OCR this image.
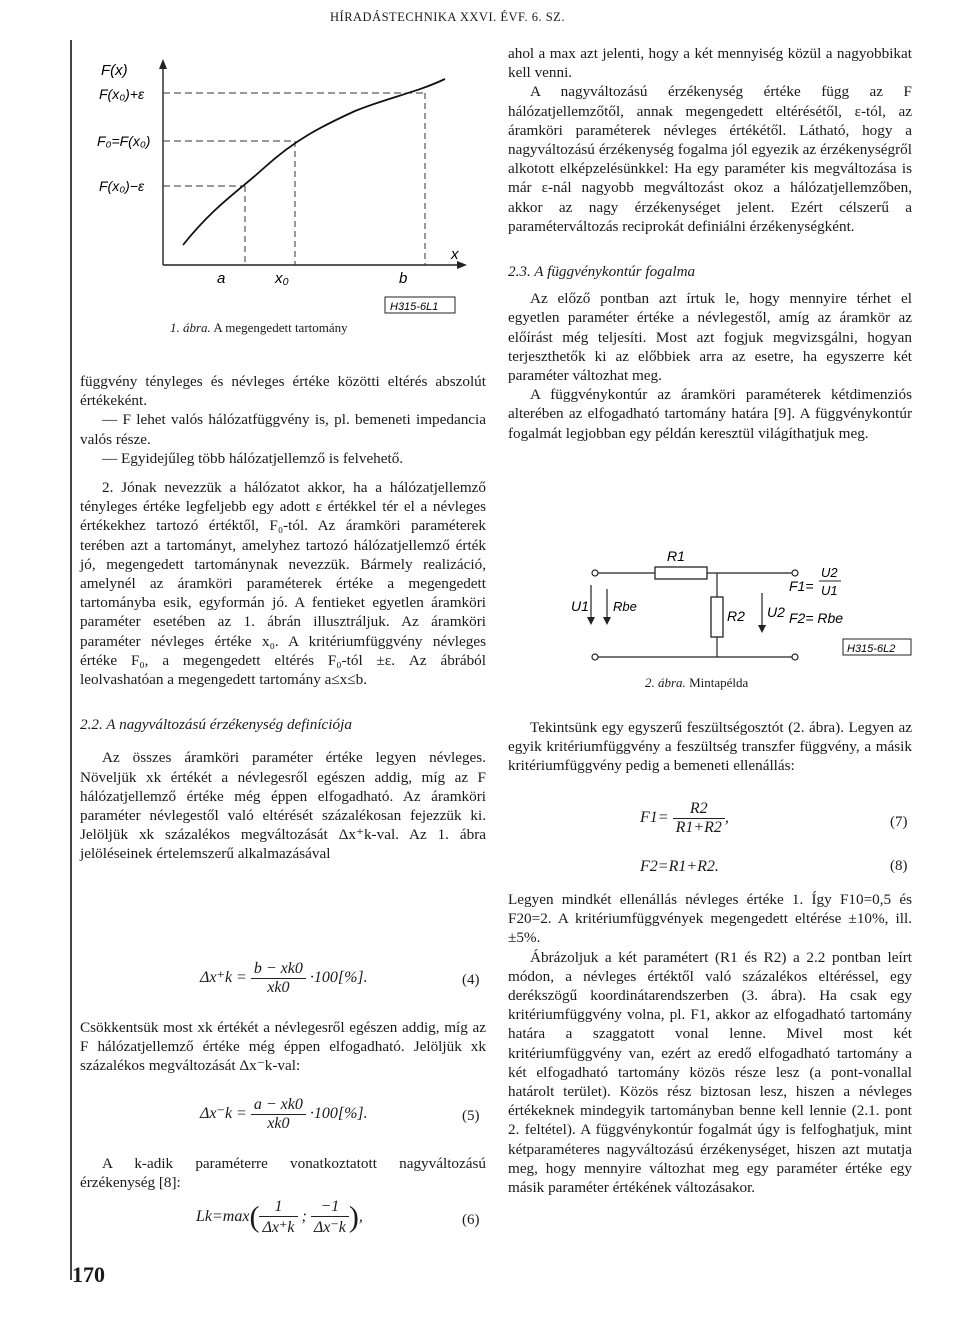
HÍRADÁSTECHNIKA XXVI. ÉVF. 6. SZ.
F(x)
F(x₀)+ε
F₀=F(x₀)
F(x₀)−ε
a	x₀	b
x
H315-6L1
1. ábra. A megengedett tartomány

függvény tényleges és névleges értéke közötti eltérés abszolút értékeként.

— F lehet valós hálózatfüggvény is, pl. bemeneti impedancia valós része.

— Egyidejűleg több hálózatjellemző is felvehető.

2. Jónak nevezzük a hálózatot akkor, ha a hálózatjellemző tényleges értéke legfeljebb egy adott ε értékkel tér el a névleges értékekhez tartozó értéktől, F₀-tól. Az áramköri paraméterek terében azt a tartományt, amelyhez tartozó hálózatjellemző érték jó, megengedett tartománynak nevezzük. Bármely realizáció, amelynél az áramköri paraméterek értéke a megengedett tartományba esik, egyformán jó. A fentieket egyetlen áramköri paraméter esetében az 1. ábrán illusztráljuk. Az áramköri paraméter névleges értéke x₀. A kritériumfüggvény névleges értéke F₀, a megengedett eltérés F₀-tól ±ε. Az ábrából leolvashatóan a megengedett tartomány a≤x≤b.

2.2. A nagyváltozású érzékenység definíciója

Az összes áramköri paraméter értéke legyen névleges. Növeljük xk értékét a névlegesről egészen addig, míg az F hálózatjellemző értéke még éppen elfogadható. Az áramköri paraméter névlegestől való eltérését százalékosan fejezzük ki. Jelöljük xk százalékos megváltozását Δx⁺k-val. Az 1. ábra jelöléseinek értelemszerű alkalmazásával

$\Delta x^+k = \frac{b - xk0}{xk0} \cdot 100[\%]$.	(4)

Csökkentsük most xk értékét a névlegesről egészen addig, míg az F hálózatjellemző értéke még éppen elfogadható. Jelöljük xk százalékos megváltozását Δx⁻k-val:

$\Delta x^-k = \frac{a - xk0}{xk0} \cdot 100[\%]$.	(5)

A k-adik paraméterre vonatkoztatott nagyváltozású érzékenység [8]:

$Lk=\max( \frac{1}{\Delta x^+k}$ ; $\frac{-1}{\Delta x^-k}$ ),	(6)
170

ahol a max azt jelenti, hogy a két mennyiség közül a nagyobbikat kell venni.

A nagyváltozású érzékenység értéke függ az F hálózatjellemzőtől, annak megengedett eltérésétől, ε-tól, az áramköri paraméterek névleges értékétől. Látható, hogy a nagyváltozású érzékenység fogalma jól egyezik az érzékenységről alkotott elképzelésünkkel: Ha egy paraméter kis megváltozása is már ε-nál nagyobb megváltozást okoz a hálózatjellemzőben, akkor az nagy érzékenységet jelent. Ezért célszerű a paraméterváltozás reciprokát definiálni érzékenységként.

2.3. A függvénykontúr fogalma

Az előző pontban azt írtuk le, hogy mennyire térhet el egyetlen paraméter értéke a névlegestől, amíg az áramkör az előírást még teljesíti. Most azt fogjuk megvizsgálni, hogyan terjeszthetők ki az előbbiek arra az esetre, ha egyszerre két paraméter változhat meg.

A függvénykontúr az áramköri paraméterek kétdimenziós alterében az elfogadható tartomány határa [9]. A függvénykontúr fogalmát legjobban egy példán keresztül világíthatjuk meg.

R1
U1 Rbe
R2 U2
F1=
U2
U1
F2= Rbe
H315-6L2
2. ábra. Mintapélda

Tekintsünk egy egyszerű feszültségosztót (2. ábra). Legyen az egyik kritériumfüggvény a feszültség transzfer függvény, a másik kritériumfüggvény pedig a bemeneti ellenállás:

$F1= \frac{R2}{R1+R2}$ ,	(7)
F2=R1+R2.	(8)

Legyen mindkét ellenállás névleges értéke 1. Így F10=0,5 és F20=2. A kritériumfüggvények megengedett eltérése ±10%, ill. ±5%.

Ábrázoljuk a két paramétert (R1 és R2) a 2.2 pontban leírt módon, a névleges értéktől való százalékos eltéréssel, egy derékszögű koordinátarendszerben (3. ábra). Ha csak egy kritériumfüggvény volna, pl. F1, akkor az elfogadható tartomány határa a szaggatott vonal lenne. Mivel most két kritériumfüggvény van, ezért az eredő elfogadható tartomány a két elfogadható tartomány közös része lesz (a pont-vonallal határolt terület). Közös rész biztosan lesz, hiszen a névleges értékeknek mindegyik tartományban benne kell lennie (2.1. pont 2. feltétel). A függvénykontúr fogalmát úgy is felfoghatjuk, mint kétparaméteres nagyváltozású érzékenységet, hiszen azt mutatja meg, hogy mennyire változhat meg egy paraméter értéke egy másik paraméter értékének változásakor.
